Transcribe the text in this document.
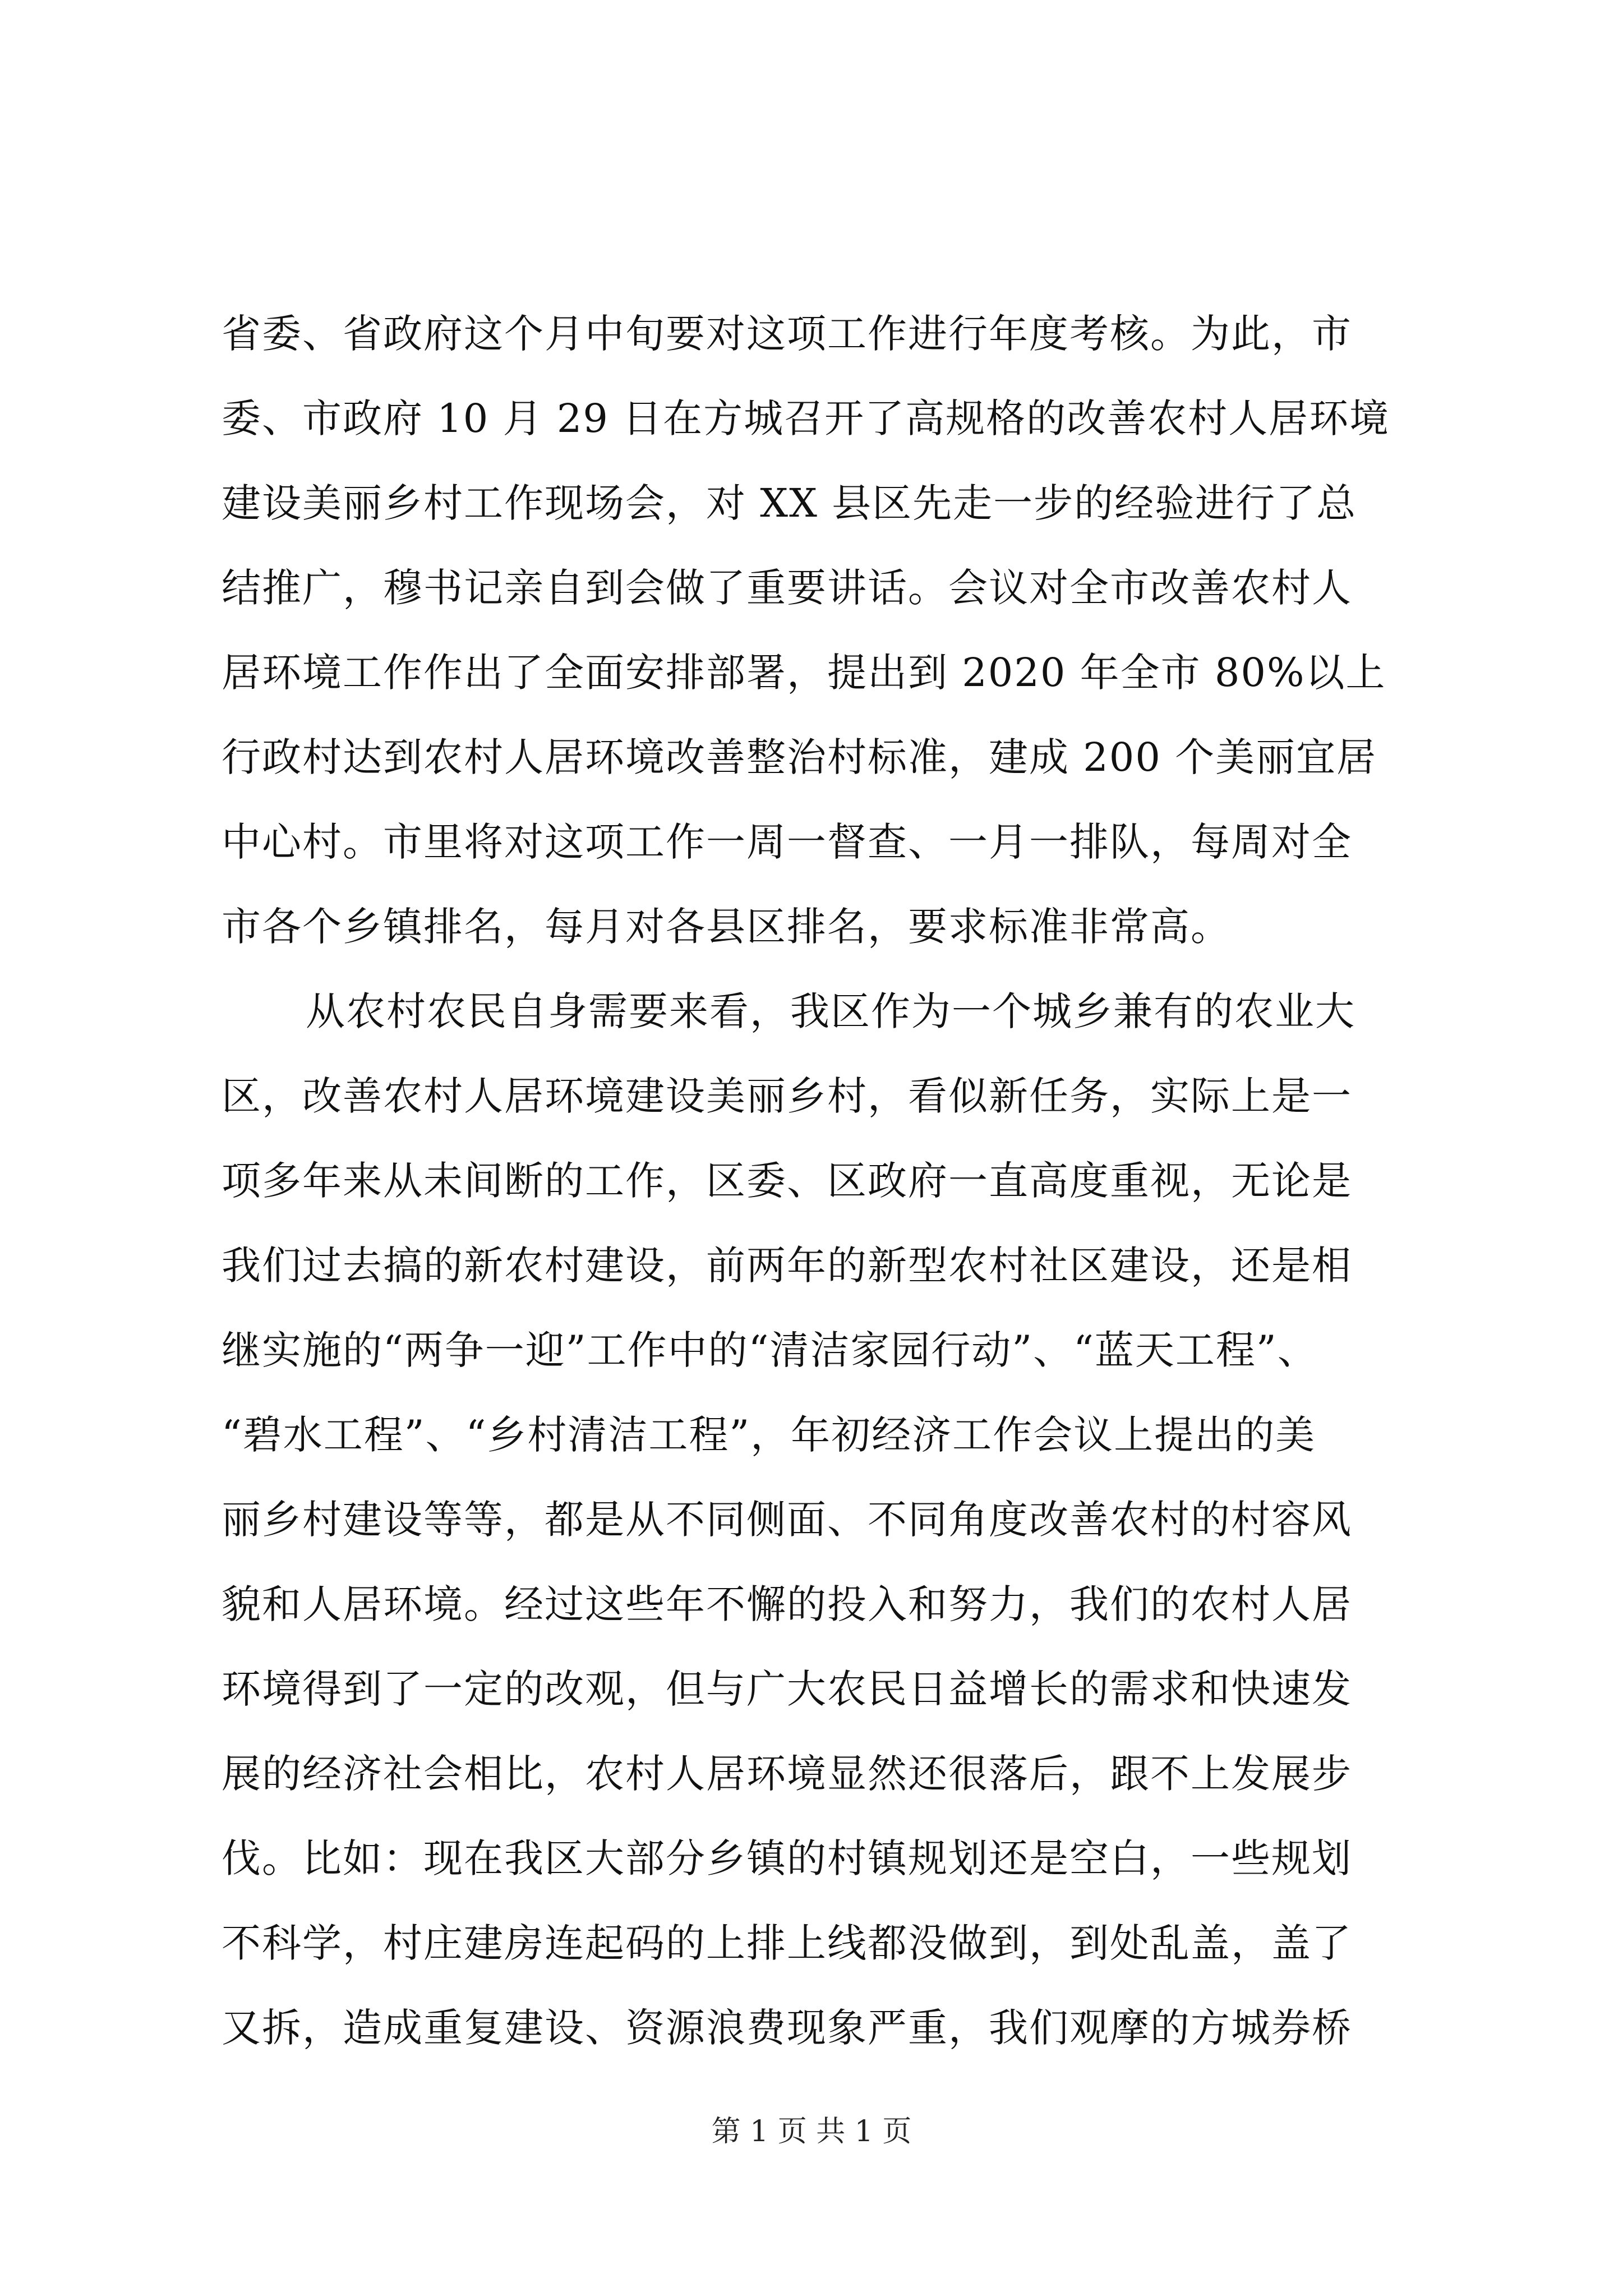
省委、省政府这个月中旬要对这项工作进行年度考核。为此，市
委、市政府 10 月 29 日在方城召开了高规格的改善农村人居环境
建设美丽乡村工作现场会，对 XX 县区先走一步的经验进行了总
结推广，穆书记亲自到会做了重要讲话。会议对全市改善农村人
居环境工作作出了全面安排部署，提出到 2020 年全市 80%以上
行政村达到农村人居环境改善整治村标准，建成 200 个美丽宜居
中心村。市里将对这项工作一周一督查、一月一排队，每周对全
市各个乡镇排名，每月对各县区排名，要求标准非常高。
从农村农民自身需要来看，我区作为一个城乡兼有的农业大
区，改善农村人居环境建设美丽乡村，看似新任务，实际上是一
项多年来从未间断的工作，区委、区政府一直高度重视，无论是
我们过去搞的新农村建设，前两年的新型农村社区建设，还是相
继实施的“两争一迎”工作中的“清洁家园行动”、“蓝天工程”、
“碧水工程”、“乡村清洁工程”，年初经济工作会议上提出的美
丽乡村建设等等，都是从不同侧面、不同角度改善农村的村容风
貌和人居环境。经过这些年不懈的投入和努力，我们的农村人居
环境得到了一定的改观，但与广大农民日益增长的需求和快速发
展的经济社会相比，农村人居环境显然还很落后，跟不上发展步
伐。比如：现在我区大部分乡镇的村镇规划还是空白，一些规划
不科学，村庄建房连起码的上排上线都没做到，到处乱盖，盖了
又拆，造成重复建设、资源浪费现象严重，我们观摩的方城券桥
第 1 页 共 1 页
